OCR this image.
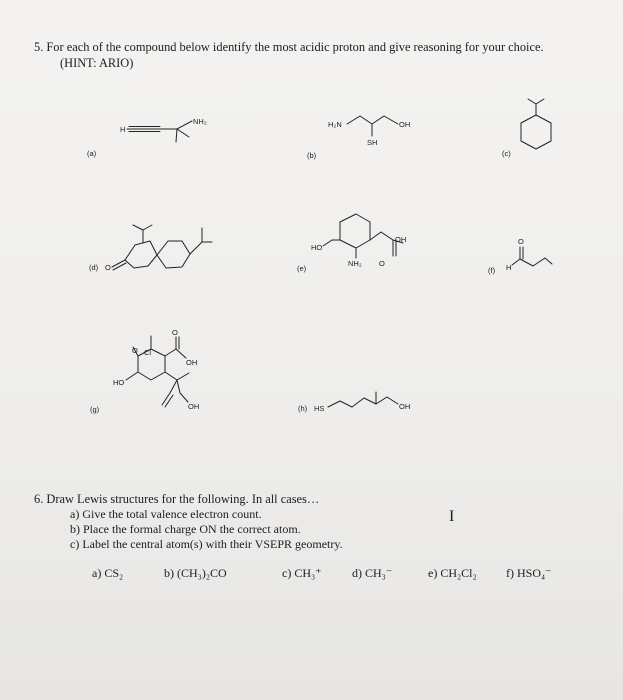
5. For each of the compound below identify the most acidic proton and give reasoning for your choice.
(HINT: ARIO)
H
NH₂
(a)
H₂N	OH
SH
(b)	(c)
O
(d)
HO
NH₂
OH
O
(e)	H
O
(f)
HO
Cl
O
O
OH
OH
(g)	(h) HS	OH
6. Draw Lewis structures for the following. In all cases…
a) Give the total valence electron count.
b) Place the formal charge ON the correct atom.
c) Label the central atom(s) with their VSEPR geometry.
I
a) CS₂	b) (CH₃)₂CO	c) CH₃⁺	d) CH₃⁻	e) CH₂Cl₂ f) HSO₄⁻
